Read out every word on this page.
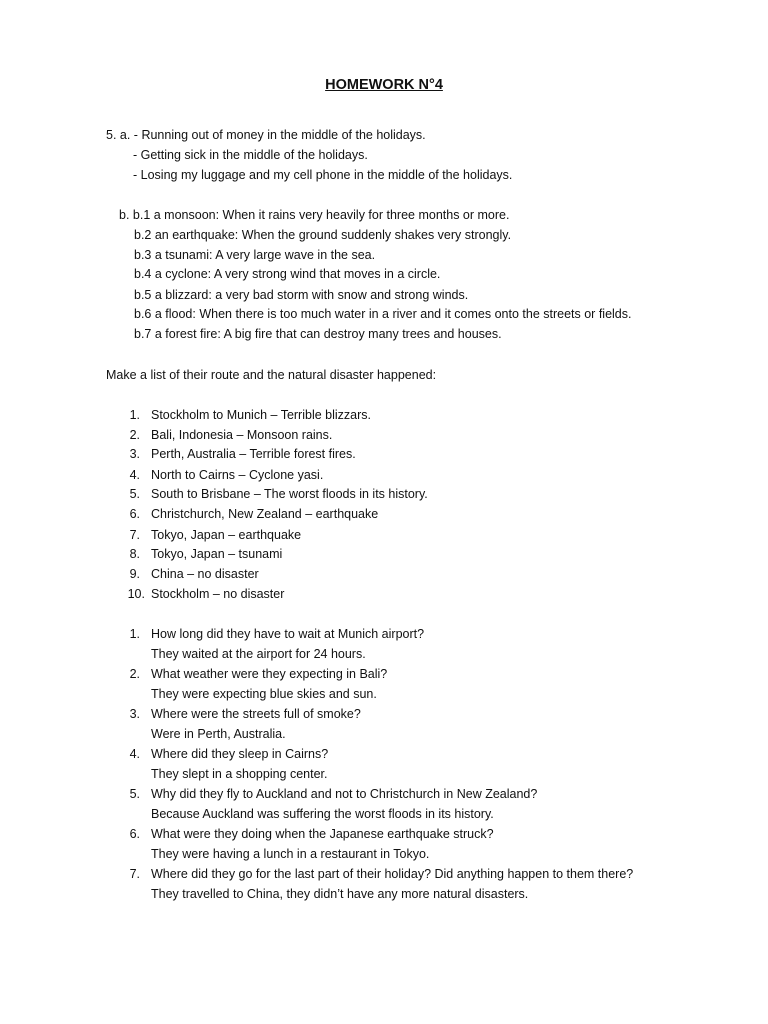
HOMEWORK N°4
5. a. - Running out of money in the middle of the holidays.
- Getting sick in the middle of the holidays.
- Losing my luggage and my cell phone in the middle of the holidays.
b. b.1 a monsoon: When it rains very heavily for three months or more.
b.2 an earthquake: When the ground suddenly shakes very strongly.
b.3 a tsunami: A very large wave in the sea.
b.4 a cyclone: A very strong wind that moves in a circle.
b.5 a blizzard: a very bad storm with snow and strong winds.
b.6 a flood: When there is too much water in a river and it comes onto the streets or fields.
b.7 a forest fire: A big fire that can destroy many trees and houses.
Make a list of their route and the natural disaster happened:
1. Stockholm to Munich – Terrible blizzars.
2. Bali, Indonesia – Monsoon rains.
3. Perth, Australia – Terrible forest fires.
4. North to Cairns – Cyclone yasi.
5. South to Brisbane – The worst floods in its history.
6. Christchurch, New Zealand – earthquake
7. Tokyo, Japan – earthquake
8. Tokyo, Japan – tsunami
9. China – no disaster
10. Stockholm – no disaster
1. How long did they have to wait at Munich airport?
They waited at the airport for 24 hours.
2. What weather were they expecting in Bali?
They were expecting blue skies and sun.
3. Where were the streets full of smoke?
Were in Perth, Australia.
4. Where did they sleep in Cairns?
They slept in a shopping center.
5. Why did they fly to Auckland and not to Christchurch in New Zealand?
Because Auckland was suffering the worst floods in its history.
6. What were they doing when the Japanese earthquake struck?
They were having a lunch in a restaurant in Tokyo.
7. Where did they go for the last part of their holiday? Did anything happen to them there?
They travelled to China, they didn’t have any more natural disasters.
